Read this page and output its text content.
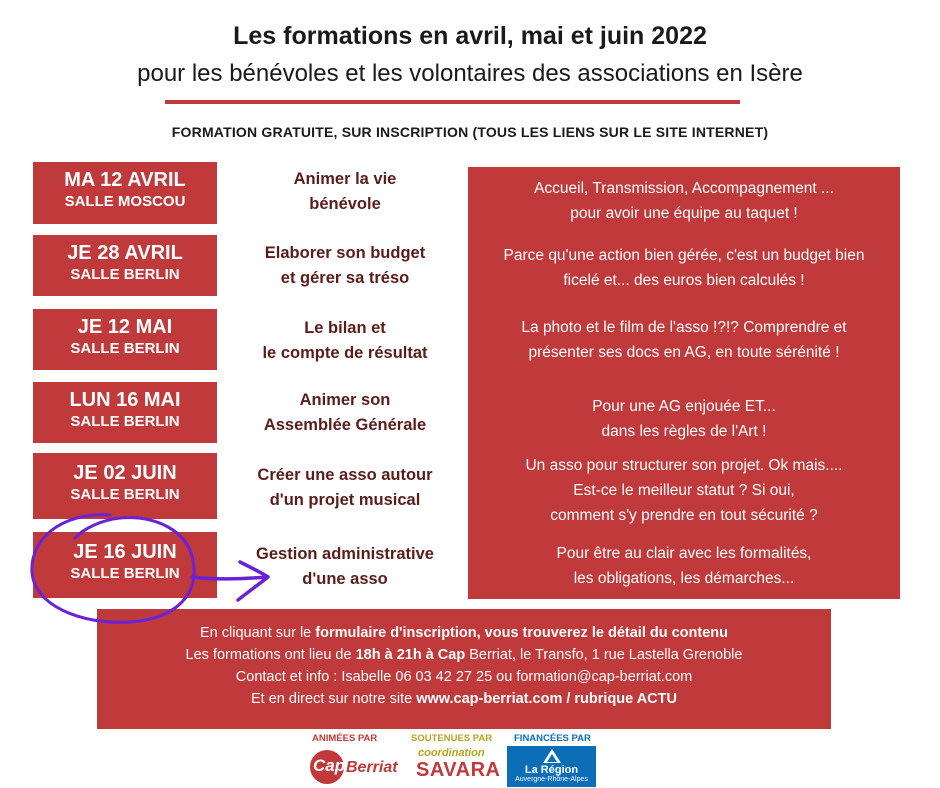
Les formations en avril, mai et juin 2022
pour les bénévoles et les volontaires des associations en Isère
FORMATION GRATUITE, SUR INSCRIPTION (TOUS LES LIENS SUR LE SITE INTERNET)
MA 12 AVRIL
SALLE MOSCOU
JE 28 AVRIL
SALLE BERLIN
JE 12 MAI
SALLE BERLIN
LUN 16 MAI
SALLE BERLIN
JE 02 JUIN
SALLE BERLIN
JE 16 JUIN
SALLE BERLIN
Animer la vie
bénévole
Elaborer son budget
et gérer sa tréso
Le bilan et
le compte de résultat
Animer son
Assemblée Générale
Créer une asso autour
d'un projet musical
Gestion administrative
d'une asso
Accueil, Transmission, Accompagnement ...
pour avoir une équipe au taquet !
Parce qu'une action bien gérée, c'est un budget bien
ficelé et... des euros bien calculés !
La photo et le film de l'asso !?!? Comprendre et
présenter ses docs en AG, en toute sérénité !
Pour une AG enjouée ET...
dans les règles de l'Art !
Un asso pour structurer son projet. Ok mais....
Est-ce le meilleur statut ? Si oui,
comment s'y prendre en tout sécurité ?
Pour être au clair avec les formalités,
les obligations, les démarches...
En cliquant sur le formulaire d'inscription, vous trouverez le détail du contenu
Les formations ont lieu de 18h à 21h à Cap Berriat, le Transfo, 1 rue Lastella Grenoble
Contact et info : Isabelle 06 03 42 27 25 ou formation@cap-berriat.com
Et en direct sur notre site www.cap-berriat.com / rubrique ACTU
ANIMÉES PAR	SOUTENUES PAR FINANCÉES PAR
Cap Berriat
coordination
SAVARA	La Région
Auvergne-Rhône-Alpes
